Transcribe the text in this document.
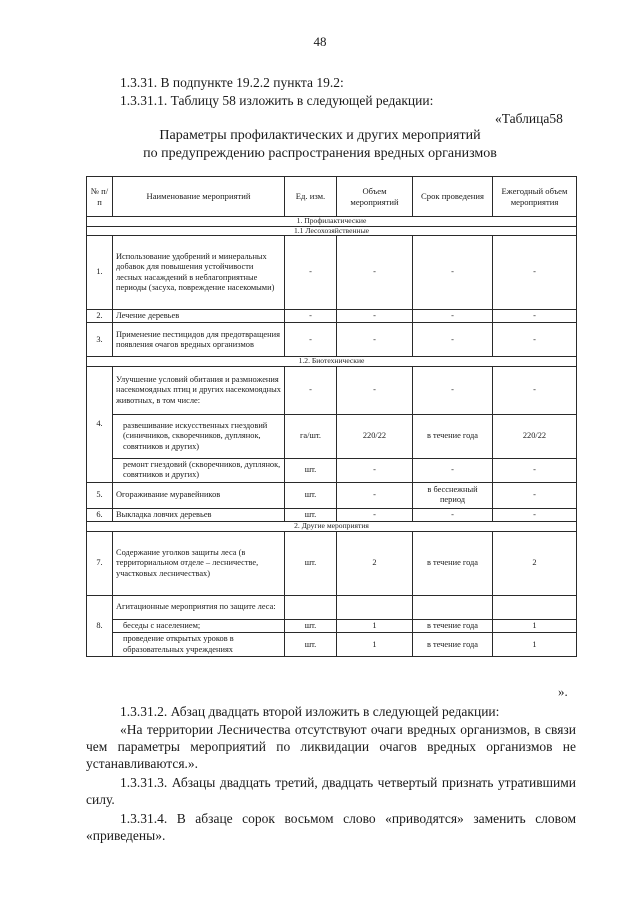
48
1.3.31. В подпункте 19.2.2 пункта 19.2:
1.3.31.1. Таблицу 58 изложить в следующей редакции:
«Таблица58
Параметры профилактических и других мероприятий
по предупреждению распространения вредных организмов
№ п/п	Наименование мероприятий	Ед. изм.	Объем мероприятий	Срок проведения	Ежегодный объем мероприятия
1. Профилактические					
1.1 Лесохозяйственные					
1.	Использование удобрений и минеральных добавок для повышения устойчивости лесных насаждений в неблагоприятные периоды (засуха, повреждение насекомыми)	-	-	-	-
2.	Лечение деревьев	-	-	-	-
3.	Применение пестицидов для предотвращения появления очагов вредных организмов	-	-	-	-
1.2. Биотехнические					
4.	Улучшение условий обитания и размножения насекомоядных птиц и других насекомоядных животных, в том числе:	-	-	-	-
	развешивание искусственных гнездовий (синичников, скворечников, дуплянок, совятников и других)	га/шт.	220/22	в течение года	220/22
	ремонт гнездовий (скворечников, дуплянок, совятников и других)	шт.	-	-	-
5.	Огораживание муравейников	шт.	-	в бесснежный период	-
6.	Выкладка ловчих деревьев	шт.	-	-	-
2. Другие мероприятия					
7.	Содержание уголков защиты леса (в территориальном отделе – лесничестве, участковых лесничествах)	шт.	2	в течение года	2
8.	Агитационные мероприятия по защите леса:				
	беседы с населением;	шт.	1	в течение года	1
	проведение открытых уроков в образовательных учреждениях	шт.	1	в течение года	1
».
1.3.31.2. Абзац двадцать второй изложить в следующей редакции:
«На территории Лесничества отсутствуют очаги вредных организмов, в связи чем параметры мероприятий по ликвидации очагов вредных организмов не устанавливаются.».
1.3.31.3. Абзацы двадцать третий, двадцать четвертый признать утратившими силу.
1.3.31.4. В абзаце сорок восьмом слово «приводятся» заменить словом «приведены».
